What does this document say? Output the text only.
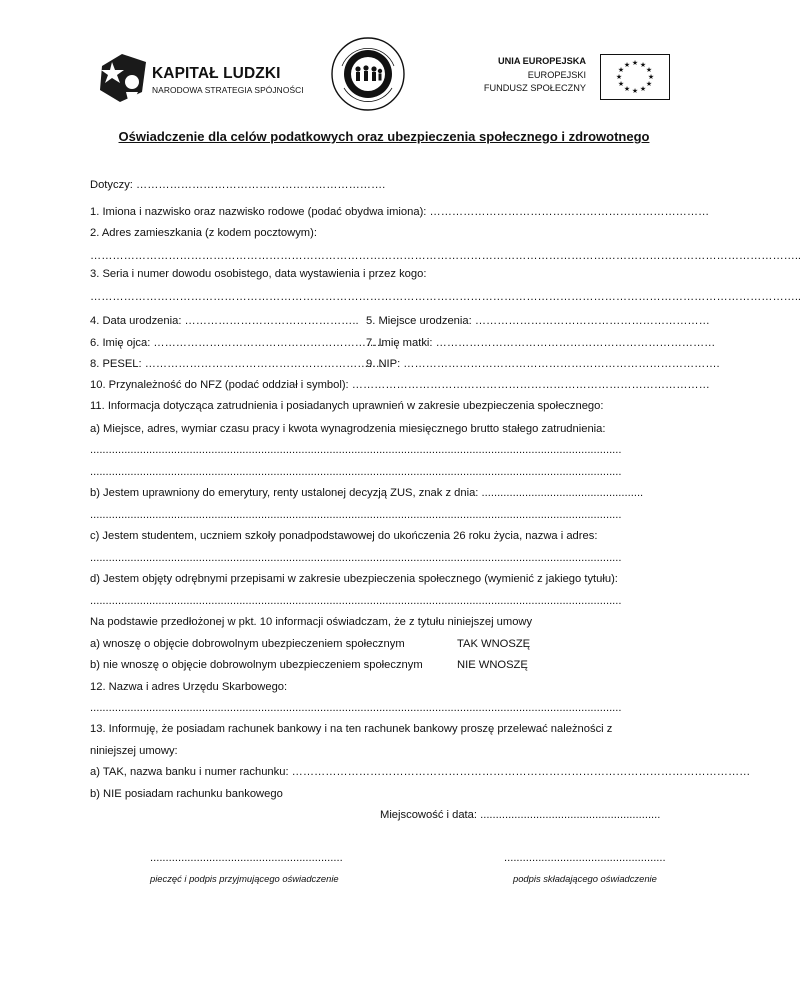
KAPITAŁ LUDZKI
NARODOWA STRATEGIA SPÓJNOŚCI
UNIA EUROPEJSKA
EUROPEJSKI
FUNDUSZ SPOŁECZNY
★ ★
★
★
★
★
★
★
★
★
★
★
Oświadczenie dla celów podatkowych oraz ubezpieczenia społecznego i zdrowotnego
Dotyczy: ………………………………………………………….
1. Imiona i nazwisko oraz nazwisko rodowe (podać obydwa imiona): …………………………………………………………………
2. Adres zamieszkania (z kodem pocztowym):
………………………………………………………………………………………………………………………………………………………………………..
3. Seria i numer dowodu osobistego, data wystawienia i przez kogo:
………………………………………………………………………………………………………………………………………………………………………..
4. Data urodzenia: ……………………………………….. 5. Miejsce urodzenia: ………………………………………………………
6. Imię ojca: ……………………………………………………..
7. Imię matki: …………………………………………………………………
8. PESEL: ………………………………………………………..
9. NIP: ………………………………………………………………………….
10. Przynależność do NFZ (podać oddział i symbol): ……………………………………………………………………………………
11. Informacja dotycząca zatrudnienia i posiadanych uprawnień w zakresie ubezpieczenia społecznego:
a) Miejsce, adres, wymiar czasu pracy i kwota wynagrodzenia miesięcznego brutto stałego zatrudnienia:
...........................................................................................................................................................................
...........................................................................................................................................................................
b) Jestem uprawniony do emerytury, renty ustalonej decyzją ZUS, znak z dnia: ....................................................
...........................................................................................................................................................................
c) Jestem studentem, uczniem szkoły ponadpodstawowej do ukończenia 26 roku życia, nazwa i adres:
...........................................................................................................................................................................
d) Jestem objęty odrębnymi przepisami w zakresie ubezpieczenia społecznego (wymienić z jakiego tytułu):
...........................................................................................................................................................................
Na podstawie przedłożonej w pkt. 10 informacji oświadczam, że z tytułu niniejszej umowy
a) wnoszę o objęcie dobrowolnym ubezpieczeniem społecznym	TAK WNOSZĘ
b) nie wnoszę o objęcie dobrowolnym ubezpieczeniem społecznym	NIE WNOSZĘ
12. Nazwa i adres Urzędu Skarbowego:
...........................................................................................................................................................................
13. Informuję, że posiadam rachunek bankowy i na ten rachunek bankowy proszę przelewać należności z
niniejszej umowy:
a) TAK, nazwa banku i numer rachunku: ……………………………………………………………………………………………………………
b) NIE posiadam rachunku bankowego
Miejscowość i data: ..........................................................
..............................................................	....................................................
pieczęć i podpis przyjmującego oświadczenie	podpis składającego oświadczenie
